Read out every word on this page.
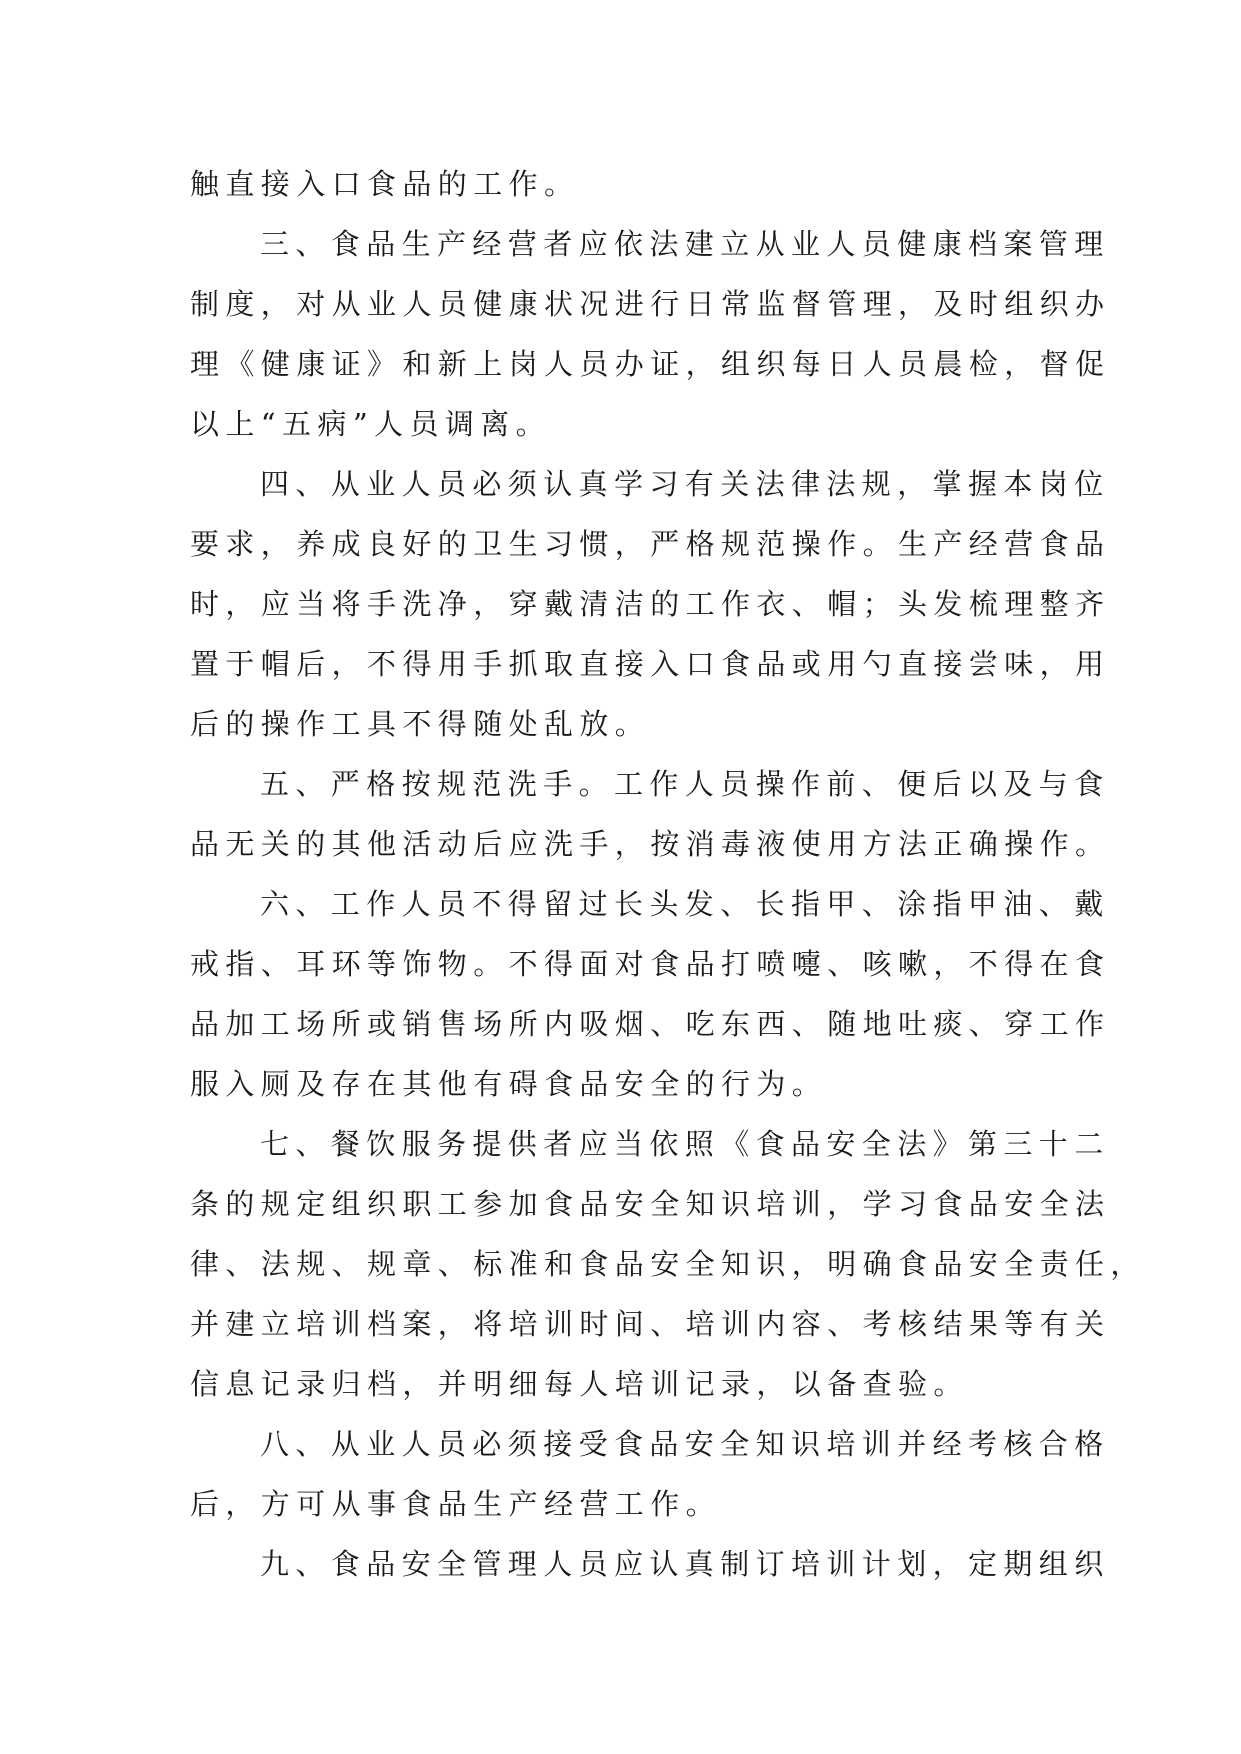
触直接入口食品的工作。
三、食品生产经营者应依法建立从业人员健康档案管理
制度，对从业人员健康状况进行日常监督管理，及时组织办
理《健康证》和新上岗人员办证，组织每日人员晨检，督促
以上“五病”人员调离。
四、从业人员必须认真学习有关法律法规，掌握本岗位
要求，养成良好的卫生习惯，严格规范操作。生产经营食品
时，应当将手洗净，穿戴清洁的工作衣、帽；头发梳理整齐
置于帽后，不得用手抓取直接入口食品或用勺直接尝味，用
后的操作工具不得随处乱放。
五、严格按规范洗手。工作人员操作前、便后以及与食
品无关的其他活动后应洗手，按消毒液使用方法正确操作。
六、工作人员不得留过长头发、长指甲、涂指甲油、戴
戒指、耳环等饰物。不得面对食品打喷嚏、咳嗽，不得在食
品加工场所或销售场所内吸烟、吃东西、随地吐痰、穿工作
服入厕及存在其他有碍食品安全的行为。
七、餐饮服务提供者应当依照《食品安全法》第三十二
条的规定组织职工参加食品安全知识培训，学习食品安全法
律、法规、规章、标准和食品安全知识，明确食品安全责任，
并建立培训档案，将培训时间、培训内容、考核结果等有关
信息记录归档，并明细每人培训记录，以备查验。
八、从业人员必须接受食品安全知识培训并经考核合格
后，方可从事食品生产经营工作。
九、食品安全管理人员应认真制订培训计划，定期组织
